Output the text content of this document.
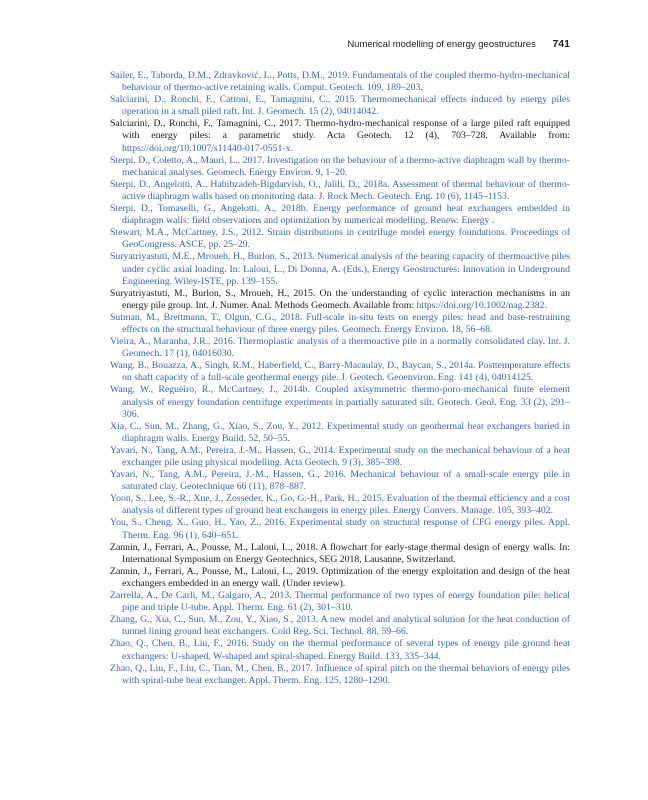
Numerical modelling of energy geostructures 741

Sailer, E., Taborda, D.M., Zdravković, L., Potts, D.M., 2019. Fundamentals of the coupled thermo-hydro-mechanical behaviour of thermo-active retaining walls. Comput. Geotech. 109, 189–203.

Salciarini, D., Ronchi, F., Cattoni, E., Tamagnini, C., 2015. Thermomechanical effects induced by energy piles operation in a small piled raft. Int. J. Geomech. 15 (2), 04014042.

Salciarini, D., Ronchi, F., Tamagnini, C., 2017. Thermo-hydro-mechanical response of a large piled raft equipped with energy piles: a parametric study. Acta Geotech. 12 (4), 703–728. Available from: https://doi.org/10.1007/s11440-017-0551-x.

Sterpi, D., Coletto, A., Mauri, L., 2017. Investigation on the behaviour of a thermo-active diaphragm wall by thermo-mechanical analyses. Geomech. Energy Environ. 9, 1–20.

Sterpi, D., Angelotti, A., Habibzadeh-Bigdarvish, O., Jalili, D., 2018a. Assessment of thermal behaviour of thermo-active diaphragm walls based on monitoring data. J. Rock Mech. Geotech. Eng. 10 (6), 1145–1153.

Sterpi, D., Tomaselli, G., Angelotti, A., 2018b. Energy performance of ground heat exchangers embedded in diaphragm walls: field observations and optimization by numerical modelling. Renew. Energy .

Stewart, M.A., McCartney, J.S., 2012. Strain distributions in centrifuge model energy foundations. Proceedings of GeoCongress. ASCE, pp. 25–29.

Suryatriyastuti, M.E., Mroueh, H., Burlon, S., 2013. Numerical analysis of the bearing capacity of thermoactive piles under cyclic axial loading. In: Laloui, L., Di Donna, A. (Eds.), Energy Geostructures: Innovation in Underground Engineering. Wiley-ISTE, pp. 139–155.

Suryatriyastuti, M., Burlon, S., Mroueh, H., 2015. On the understanding of cyclic interaction mechanisms in an energy pile group. Int. J. Numer. Anal. Methods Geomech. Available from: https://doi.org/10.1002/nag.2382.

Sutman, M., Brettmann, T., Olgun, C.G., 2018. Full-scale in-situ tests on energy piles: head and base-restraining effects on the structural behaviour of three energy piles. Geomech. Energy Environ. 18, 56–68.

Vieira, A., Maranha, J.R., 2016. Thermoplastic analysis of a thermoactive pile in a normally consolidated clay. Int. J. Geomech. 17 (1), 04016030.

Wang, B., Bouazza, A., Singh, R.M., Haberfield, C., Barry-Macaulay, D., Baycan, S., 2014a. Posttemperature effects on shaft capacity of a full-scale geothermal energy pile. J. Geotech. Geoenviron. Eng. 141 (4), 04014125.

Wang, W., Regueiro, R., McCartney, J., 2014b. Coupled axisymmetric thermo-poro-mechanical finite element analysis of energy foundation centrifuge experiments in partially saturated silt. Geotech. Geol. Eng. 33 (2), 291–306.

Xia, C., Sun, M., Zhang, G., Xiao, S., Zou, Y., 2012. Experimental study on geothermal heat exchangers buried in diaphragm walls. Energy Build. 52, 50–55.

Yavari, N., Tang, A.M., Pereira, J.-M., Hassen, G., 2014. Experimental study on the mechanical behaviour of a heat exchanger pile using physical modelling. Acta Geotech. 9 (3), 385–398.

Yavari, N., Tang, A.M., Pereira, J.-M., Hassen, G., 2016. Mechanical behaviour of a small-scale energy pile in saturated clay. Geotechnique 66 (11), 878–887.

Yoon, S., Lee, S.-R., Xue, J., Zosseder, K., Go, G.-H., Park, H., 2015. Evaluation of the thermal efficiency and a cost analysis of different types of ground heat exchangers in energy piles. Energy Convers. Manage. 105, 393–402.

You, S., Cheng, X., Guo, H., Yao, Z., 2016. Experimental study on structural response of CFG energy piles. Appl. Therm. Eng. 96 (1), 640–651.

Zannin, J., Ferrari, A., Pousse, M., Laloui, L., 2018. A flowchart for early-stage thermal design of energy walls. In: International Symposium on Energy Geotechnics, SEG 2018, Lausanne, Switzerland.

Zannin, J., Ferrari, A., Pousse, M., Laloui, L., 2019. Optimization of the energy exploitation and design of the heat exchangers embedded in an energy wall. (Under review).

Zarrella, A., De Carli, M., Galgaro, A., 2013. Thermal performance of two types of energy foundation pile: helical pipe and triple U-tube. Appl. Therm. Eng. 61 (2), 301–310.

Zhang, G., Xia, C., Sun, M., Zou, Y., Xiao, S., 2013. A new model and analytical solution for the heat conduction of tunnel lining ground heat exchangers. Cold Reg. Sci. Technol. 88, 59–66.

Zhao, Q., Chen, B., Liu, F., 2016. Study on the thermal performance of several types of energy pile ground heat exchangers: U-shaped, W-shaped and spiral-shaped. Energy Build. 133, 335–344.

Zhao, Q., Liu, F., Liu, C., Tian, M., Chen, B., 2017. Influence of spiral pitch on the thermal behaviors of energy piles with spiral-tube heat exchanger. Appl. Therm. Eng. 125, 1280–1290.
